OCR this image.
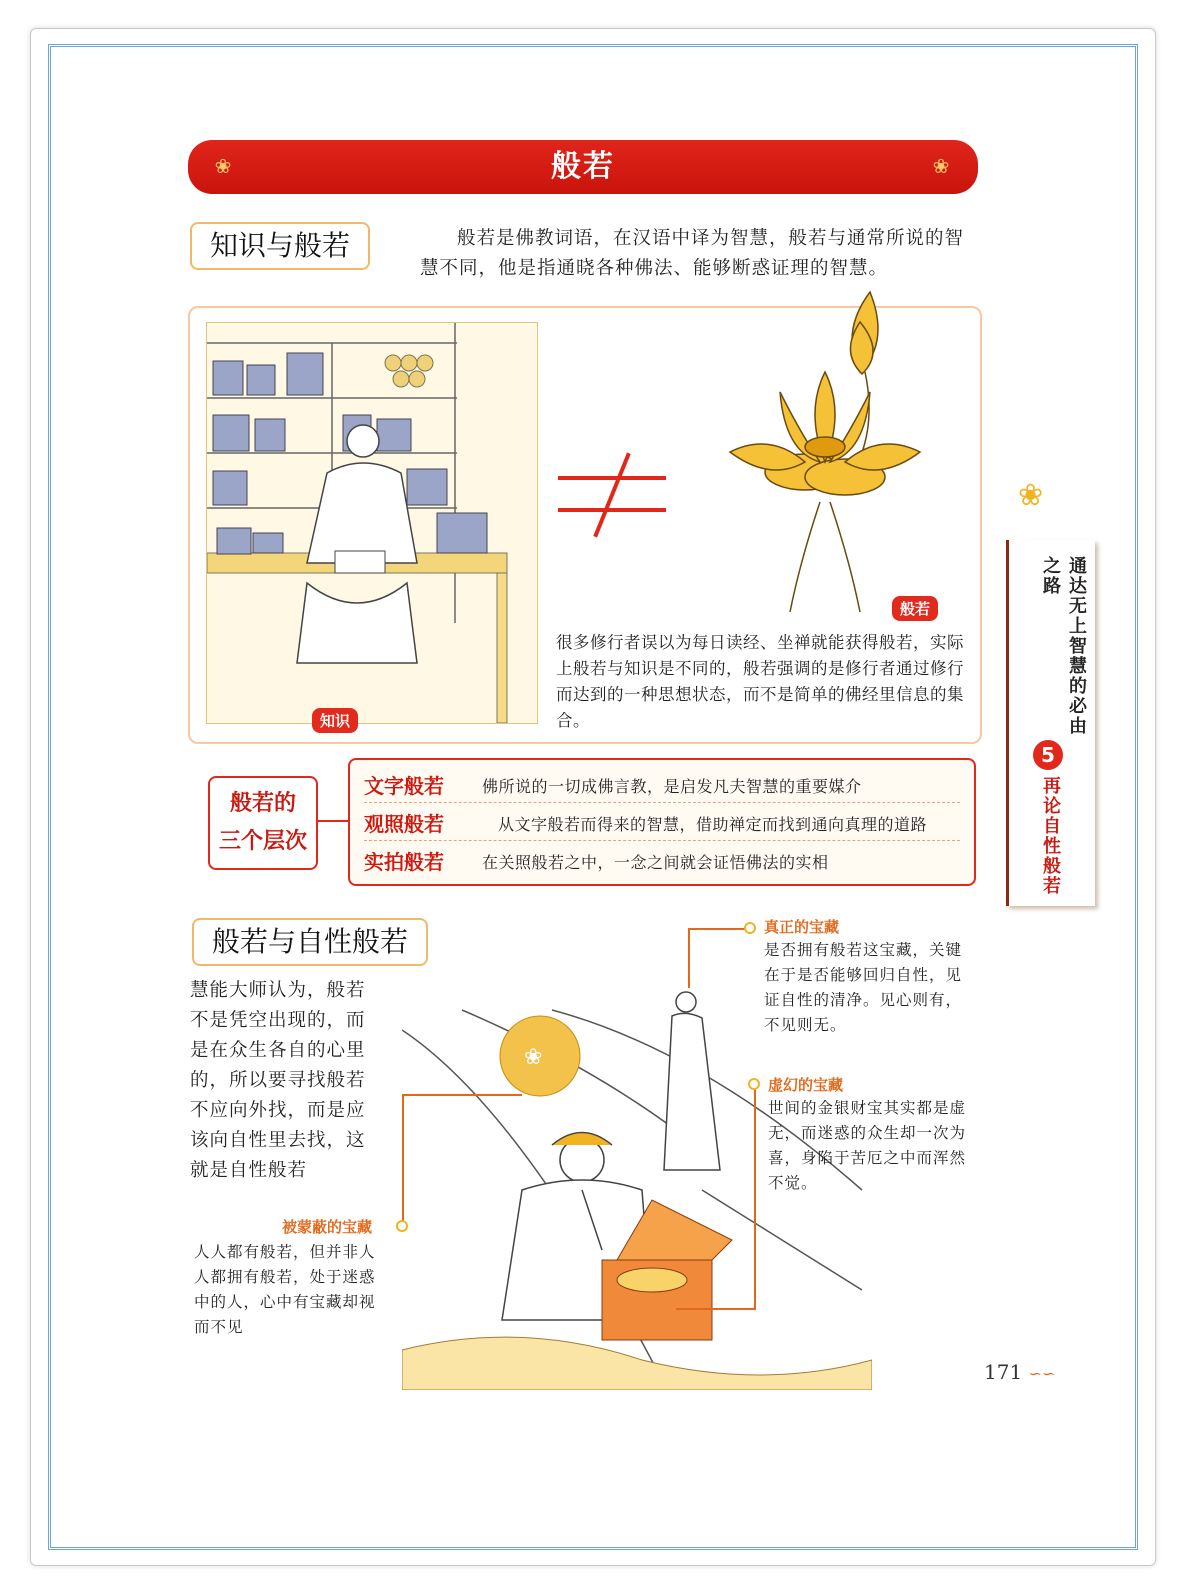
❀	般若	❀
知识与般若	般若是佛教词语，在汉语中译为智慧，般若与通常所说的智慧不同，他是指通晓各种佛法、能够断惑证理的智慧。
知识
般若
很多修行者误以为每日读经、坐禅就能获得般若，实际上般若与知识是不同的，般若强调的是修行者通过修行而达到的一种思想状态，而不是简单的佛经里信息的集合。
般若的
三个层次
文字般若 佛所说的一切成佛言教，是启发凡夫智慧的重要媒介
观照般若	从文字般若而得来的智慧，借助禅定而找到通向真理的道路
实拍般若 在关照般若之中，一念之间就会证悟佛法的实相
❀
通达无上智慧的必由之路
5
再论自性般若
般若与自性般若
慧能大师认为，般若不是凭空出现的，而是在众生各自的心里的，所以要寻找般若不应向外找，而是应该向自性里去找，这就是自性般若
❀
真正的宝藏
是否拥有般若这宝藏，关键在于是否能够回归自性，见证自性的清净。见心则有，不见则无。
虚幻的宝藏
世间的金银财宝其实都是虚无，而迷惑的众生却一次为喜，身陷于苦厄之中而浑然不觉。
被蒙蔽的宝藏
人人都有般若，但并非人人都拥有般若，处于迷惑中的人，心中有宝藏却视而不见
171 ∽∽
